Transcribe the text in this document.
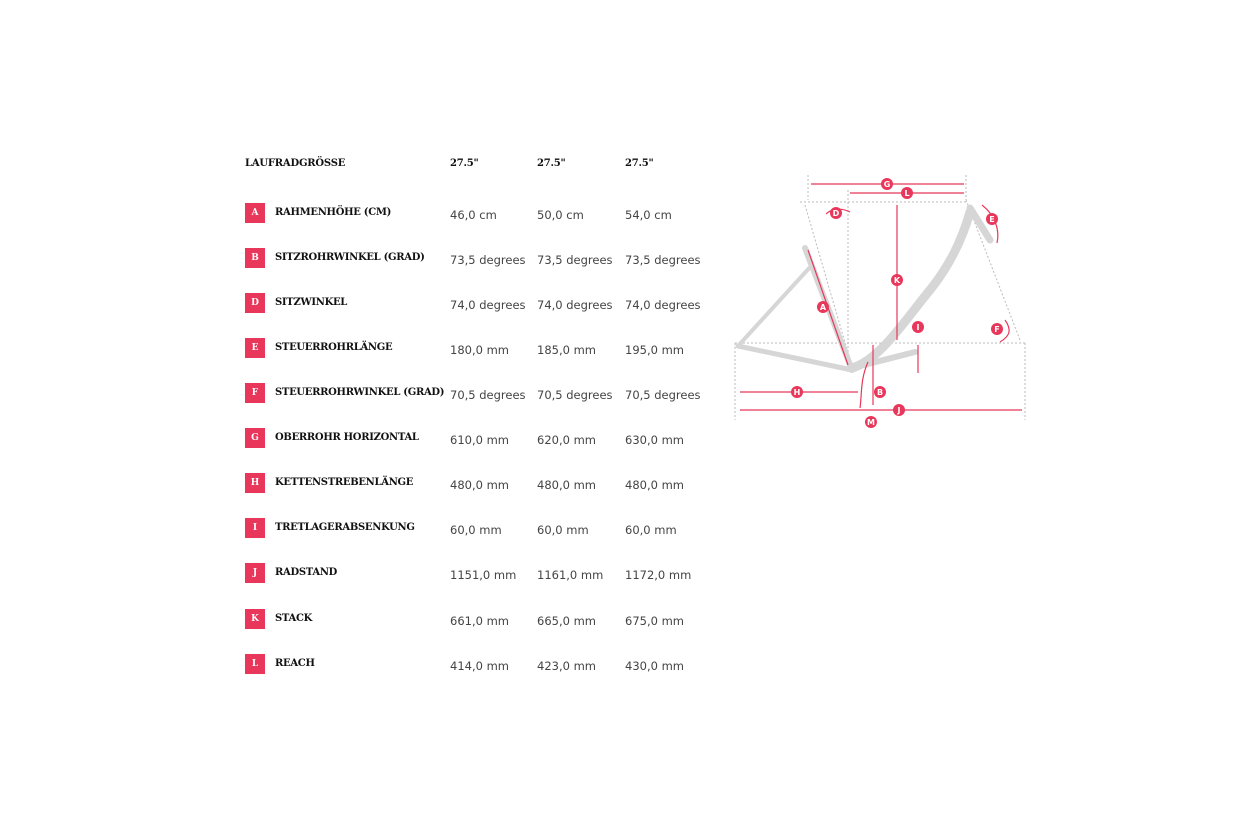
LAUFRADGRÖSSE	27.5"	27.5"	27.5"
A	RAHMENHÖHE (CM)	46,0 cm	50,0 cm	54,0 cm
B	SITZROHRWINKEL (GRAD) 73,5 degrees 73,5 degrees 73,5 degrees
D	SITZWINKEL	74,0 degrees 74,0 degrees 74,0 degrees
E	STEUERROHRLÄNGE	180,0 mm 185,0 mm	195,0 mm
F	STEUERROHRWINKEL (GRAD) 70,5 degrees 70,5 degrees 70,5 degrees
G	OBERROHR HORIZONTAL	610,0 mm 620,0 mm	630,0 mm
H	KETTENSTREBENLÄNGE	480,0 mm 480,0 mm	480,0 mm
I	TRETLAGERABSENKUNG	60,0 mm	60,0 mm	60,0 mm
J	RADSTAND	1151,0 mm 1161,0 mm 1172,0 mm
K	STACK	661,0 mm 665,0 mm	675,0 mm
L	REACH	414,0 mm 423,0 mm	430,0 mm
G
L
D
E
K
A
I	F
H	B
J
M
